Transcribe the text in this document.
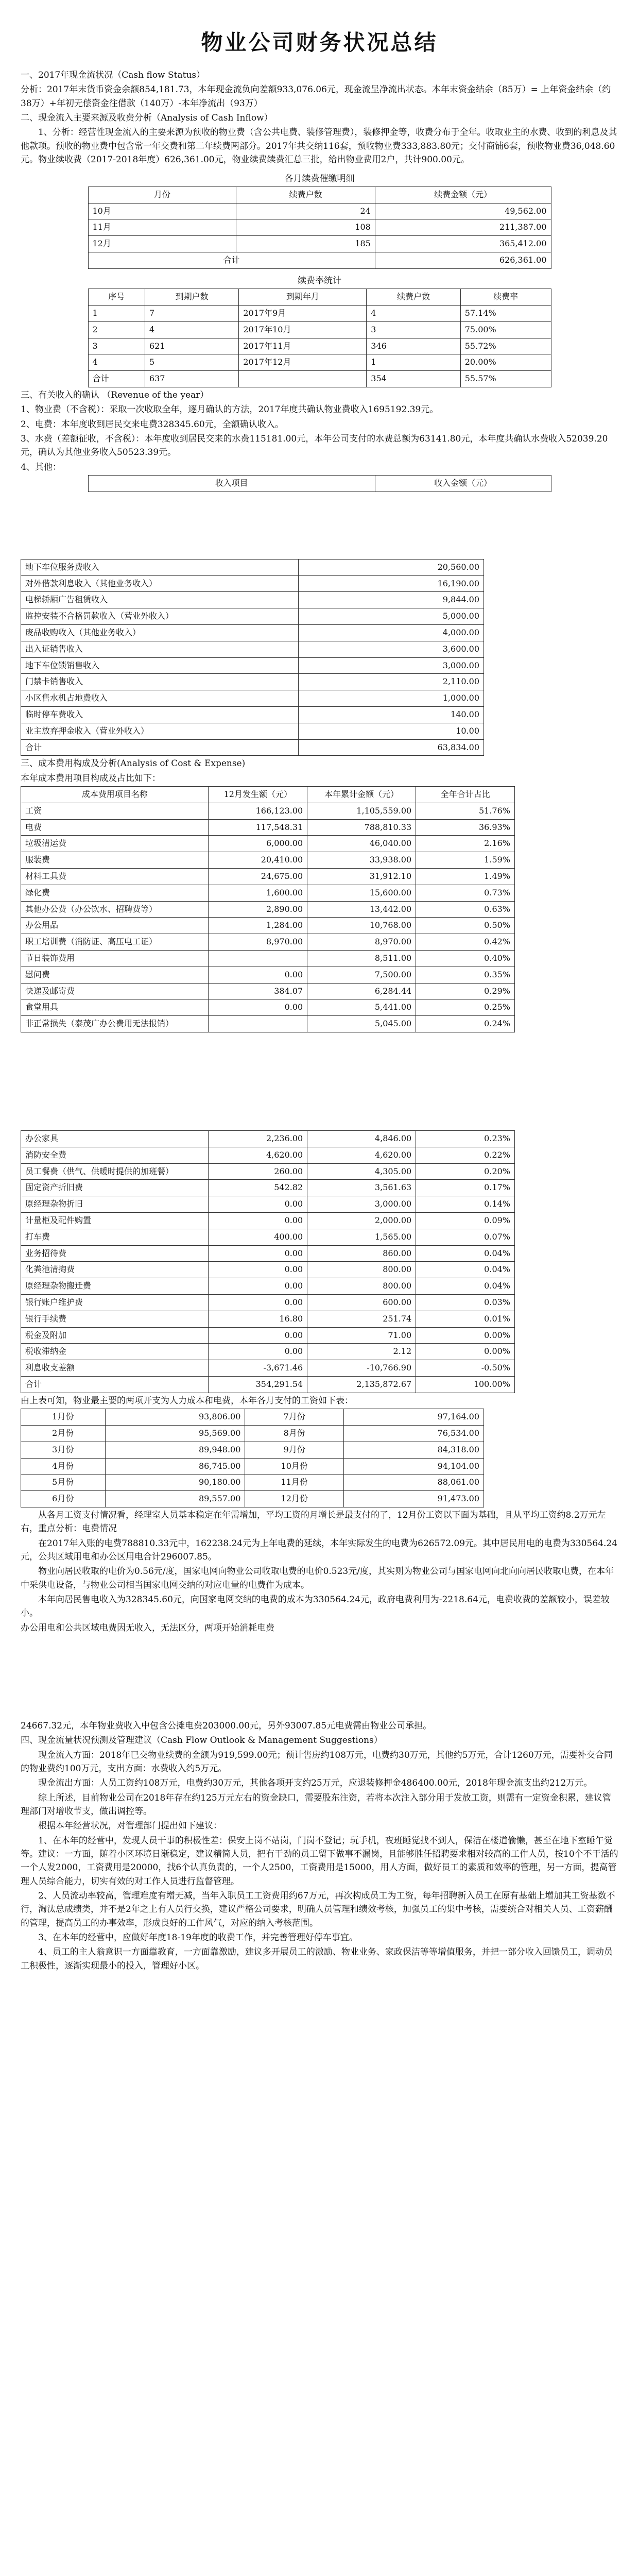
物业公司财务状况总结

一、2017年现金流状况（Cash flow Status）

分析：2017年末货币资金余额854,181.73，本年现金流负向差额933,076.06元，现金流呈净流出状态。本年末资金结余（85万）= 上年资金结余（约38万）+年初无偿资金往借款（140万）-本年净流出（93万）

二、现金流入主要来源及收费分析（Analysis of Cash Inflow）

1、分析：经营性现金流入的主要来源为预收的物业费（含公共电费、装修管理费），装修押金等，收费分布于全年。收取业主的水费、收到的利息及其他款项。预收的物业费中包含常一年交费和第二年续费两部分。2017年共交纳116套，预收物业费333,883.80元；交付商铺6套，预收物业费36,048.60元。物业续收费（2017-2018年度）626,361.00元，物业续费续费汇总三批，给出物业费用2户，共计900.00元。

各月续费催缴明细

月份	续费户数	续费金额（元）
10月	24	49,562.00
11月	108	211,387.00
12月	185	365,412.00
合计		626,361.00

续费率统计

序号	到期户数	到期年月	续费户数	续费率
1	7	2017年9月	4	57.14%
2	4	2017年10月	3	75.00%
3	621	2017年11月	346	55.72%
4	5	2017年12月	1	20.00%
合计	637		354	55.57%

三、有关收入的确认 （Revenue of the year）

1、物业费（不含税）：采取一次收取全年，逐月确认的方法，2017年度共确认物业费收入1695192.39元。

2、电费：本年度收到居民交来电费328345.60元，全额确认收入。

3、水费（差额征收，不含税）：本年度收到居民交来的水费115181.00元，本年公司支付的水费总额为63141.80元，本年度共确认水费收入52039.20元，确认为其他业务收入50523.39元。

4、其他：

收入项目	收入金额（元）
地下车位服务费收入	20,560.00
对外借款利息收入（其他业务收入）	16,190.00
电梯轿厢广告租赁收入	9,844.00
监控安装不合格罚款收入（营业外收入）	5,000.00
废品收购收入（其他业务收入）	4,000.00
出入证销售收入	3,600.00
地下车位锁销售收入	3,000.00
门禁卡销售收入	2,110.00
小区售水机占地费收入	1,000.00
临时停车费收入	140.00
业主放弃押金收入（营业外收入）	10.00
合计	63,834.00

三、成本费用构成及分析(Analysis of Cost & Expense)

本年成本费用项目构成及占比如下：

成本费用项目名称	12月发生额（元）	本年累计金额（元）	全年合计占比
工资	166,123.00	1,105,559.00	51.76%
电费	117,548.31	788,810.33	36.93%
垃圾清运费	6,000.00	46,040.00	2.16%
服装费	20,410.00	33,938.00	1.59%
材料工具费	24,675.00	31,912.10	1.49%
绿化费	1,600.00	15,600.00	0.73%
其他办公费（办公饮水、招聘费等）	2,890.00	13,442.00	0.63%
办公用品	1,284.00	10,768.00	0.50%
职工培训费（消防证、高压电工证）	8,970.00	8,970.00	0.42%
节日装饰费用		8,511.00	0.40%
慰问费	0.00	7,500.00	0.35%
快递及邮寄费	384.07	6,284.44	0.29%
食堂用具	0.00	5,441.00	0.25%
非正常损失（泰茂广办公费用无法报销）		5,045.00	0.24%
办公家具	2,236.00	4,846.00	0.23%
消防安全费	4,620.00	4,620.00	0.22%
员工餐费（供气、供暖时提供的加班餐）	260.00	4,305.00	0.20%
固定资产折旧费	542.82	3,561.63	0.17%
原经理杂物折旧	0.00	3,000.00	0.14%
计量柜及配件购置	0.00	2,000.00	0.09%
打车费	400.00	1,565.00	0.07%
业务招待费	0.00	860.00	0.04%
化粪池清掏费	0.00	800.00	0.04%
原经理杂物搬迁费	0.00	800.00	0.04%
银行账户维护费	0.00	600.00	0.03%
银行手续费	16.80	251.74	0.01%
税金及附加	0.00	71.00	0.00%
税收滞纳金	0.00	2.12	0.00%
利息收支差额	-3,671.46	-10,766.90	-0.50%
合计	354,291.54	2,135,872.67	100.00%

由上表可知，物业最主要的两项开支为人力成本和电费，本年各月支付的工资如下表：

1月份	93,806.00	7月份	97,164.00
2月份	95,569.00	8月份	76,534.00
3月份	89,948.00	9月份	84,318.00
4月份	86,745.00	10月份	94,104.00
5月份	90,180.00	11月份	88,061.00
6月份	89,557.00	12月份	91,473.00

从各月工资支付情况看，经理室人员基本稳定在年需增加，平均工资的月增长是最支付的了，12月份工资以下面为基础，且从平均工资约8.2万元左右，重点分析：电费情况

在2017年入账的电费788810.33元中，162238.24元为上年电费的延续，本年实际发生的电费为626572.09元。其中居民用电的电费为330564.24元，公共区域用电和办公区用电合计296007.85。

物业向居民收取的电价为0.56元/度，国家电网向物业公司收取电费的电价0.523元/度，其实则为物业公司与国家电网向北向向居民收取电费，在本年中采供电设备，与物业公司相当国家电网交纳的对应电量的电费作为成本。

本年向居民售电收入为328345.60元，向国家电网交纳的电费的成本为330564.24元，政府电费利用为-2218.64元，电费收费的差额较小，误差较小。

办公用电和公共区域电费因无收入，无法区分，两项开始消耗电费

24667.32元，本年物业费收入中包含公摊电费203000.00元，另外93007.85元电费需由物业公司承担。

四、现金流量状况预测及管理建议（Cash Flow Outlook & Management Suggestions）

现金流入方面：2018年已交物业续费的金额为919,599.00元；预计售房约108万元，电费约30万元，其他约5万元，合计1260万元，需要补交合同的物业费约100万元，支出方面：水费收入约5万元。

现金流出方面：人员工资约108万元，电费约30万元，其他各项开支约25万元，应退装修押金486400.00元，2018年现金流支出约212万元。

综上所述，目前物业公司在2018年存在约125万元左右的资金缺口，需要股东注资，若将本次注入部分用于发放工资，则需有一定资金积累，建议管理部门对增收节支，做出调控等。

根据本年经营状况，对管理部门提出如下建议：

1、在本年的经营中，发现人员干事的积极性差：保安上岗不站岗，门岗不登记；玩手机，夜班睡觉找不到人，保洁在楼道偷懒，甚至在地下室睡午觉等。建议：一方面，随着小区环境日渐稳定，建议精简人员，把有干劲的员工留下做事不漏岗，且能够胜任招聘要求相对较高的工作人员，按10个不干活的一个人发2000，工资费用是20000，找6个认真负责的，一个人2500，工资费用是15000，用人方面，做好员工的素质和效率的管理，另一方面，提高管理人员综合能力，切实有效的对工作人员进行监督管理。

2、人员流动率较高，管理难度有增无减，当年入职员工工资费用约67万元，再次构成员工为工资，每年招聘新入员工在原有基础上增加其工资基数不行，淘汰总成绩类，并不是2年之上有人员行交换，建议严格公司要求，明确人员管理和绩效考核，加强员工的集中考核，需要统合对相关人员、工资薪酬的管理，提高员工的办事效率，形成良好的工作风气，对应的纳入考核范围。

3、在本年的经营中，应做好年度18-19年度的收费工作，并完善管理好停车事宜。

4、员工的主人翁意识一方面靠教育，一方面靠激励，建议多开展员工的激励、物业业务、家政保洁等等增值服务，并把一部分收入回馈员工，调动员工积极性，逐渐实现最小的投入，管理好小区。
